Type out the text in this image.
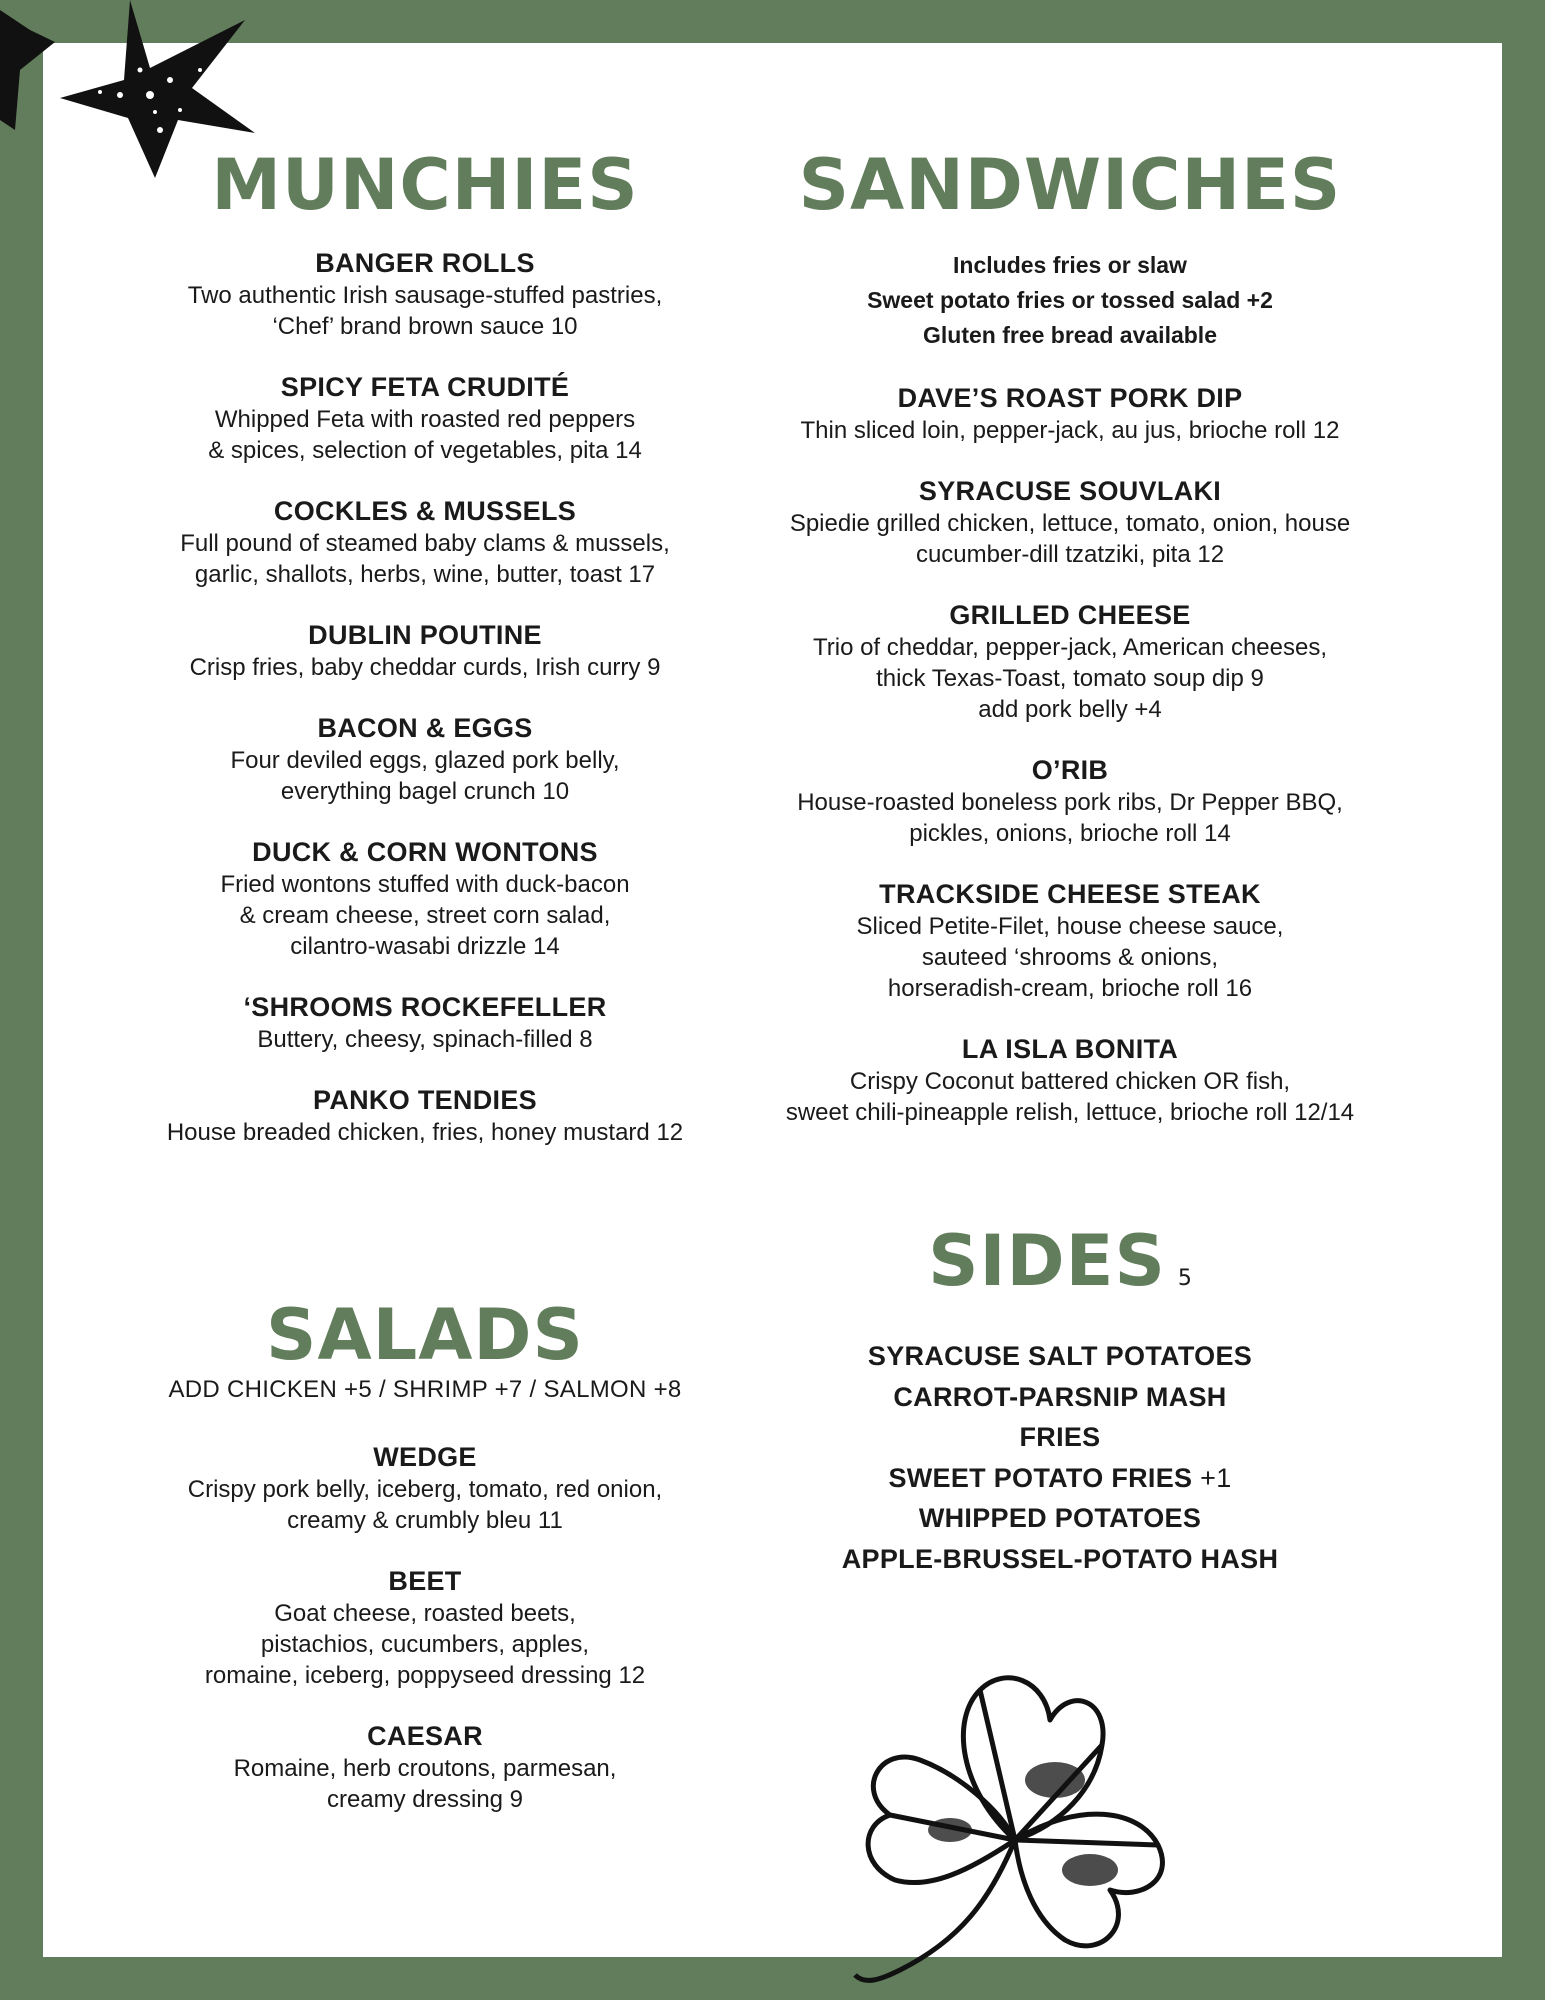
MUNCHIES
BANGER ROLLS
Two authentic Irish sausage-stuffed pastries,
‘Chef’ brand brown sauce 10
SPICY FETA CRUDITÉ
Whipped Feta with roasted red peppers
& spices, selection of vegetables, pita 14
COCKLES & MUSSELS
Full pound of steamed baby clams & mussels,
garlic, shallots, herbs, wine, butter, toast 17
DUBLIN POUTINE
Crisp fries, baby cheddar curds, Irish curry 9
BACON & EGGS
Four deviled eggs, glazed pork belly,
everything bagel crunch 10
DUCK & CORN WONTONS
Fried wontons stuffed with duck-bacon
& cream cheese, street corn salad,
cilantro-wasabi drizzle 14
‘SHROOMS ROCKEFELLER
Buttery, cheesy, spinach-filled 8
PANKO TENDIES
House breaded chicken, fries, honey mustard 12
SALADS
ADD CHICKEN +5 / SHRIMP +7 / SALMON +8
WEDGE
Crispy pork belly, iceberg, tomato, red onion,
creamy & crumbly bleu 11
BEET
Goat cheese, roasted beets,
pistachios, cucumbers, apples,
romaine, iceberg, poppyseed dressing 12
CAESAR
Romaine, herb croutons, parmesan,
creamy dressing 9
SANDWICHES
Includes fries or slaw
Sweet potato fries or tossed salad +2
Gluten free bread available
DAVE’S ROAST PORK DIP
Thin sliced loin, pepper-jack, au jus, brioche roll 12
SYRACUSE SOUVLAKI
Spiedie grilled chicken, lettuce, tomato, onion, house
cucumber-dill tzatziki, pita 12
GRILLED CHEESE
Trio of cheddar, pepper-jack, American cheeses,
thick Texas-Toast, tomato soup dip 9
add pork belly +4
O’RIB
House-roasted boneless pork ribs, Dr Pepper BBQ,
pickles, onions, brioche roll 14
TRACKSIDE CHEESE STEAK
Sliced Petite-Filet, house cheese sauce,
sauteed ‘shrooms & onions,
horseradish-cream, brioche roll 16
LA ISLA BONITA
Crispy Coconut battered chicken OR fish,
sweet chili-pineapple relish, lettuce, brioche roll 12/14
SIDES 5
SYRACUSE SALT POTATOES
CARROT-PARSNIP MASH
FRIES
SWEET POTATO FRIES +1
WHIPPED POTATOES
APPLE-BRUSSEL-POTATO HASH
